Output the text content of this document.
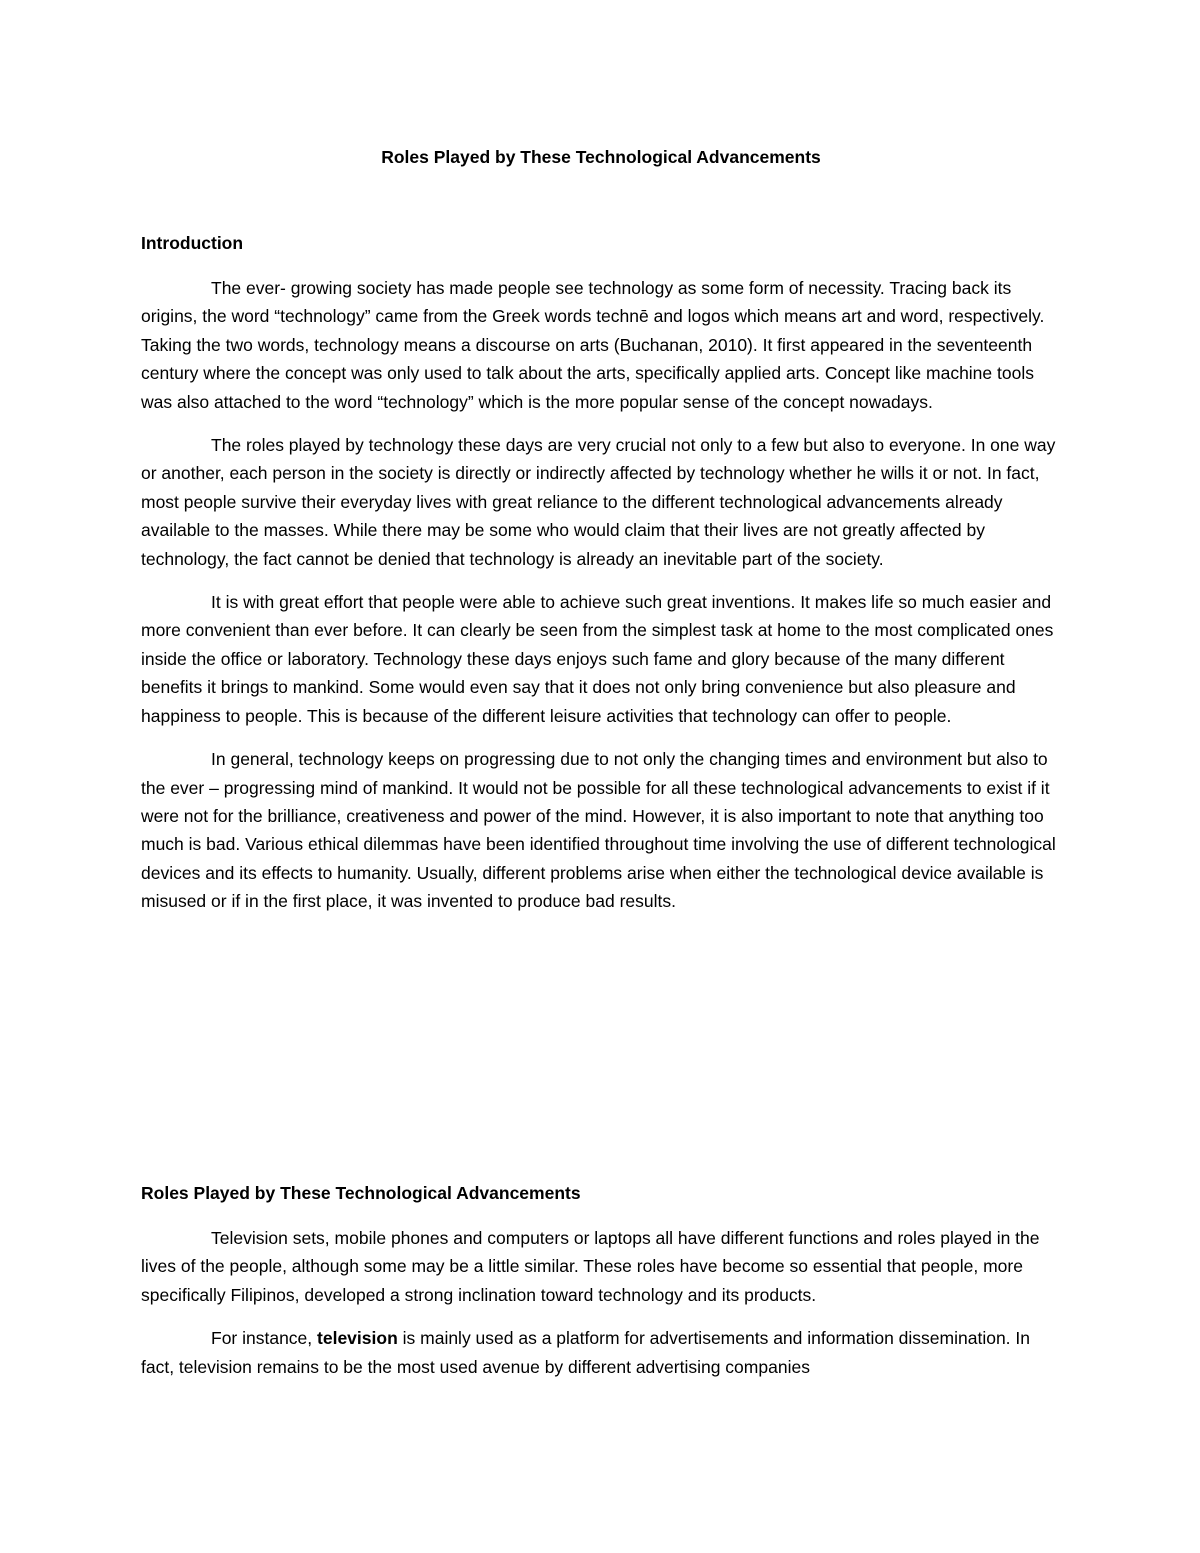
Roles Played by These Technological Advancements
Introduction

The ever- growing society has made people see technology as some form of necessity. Tracing back its origins, the word “technology” came from the Greek words technē and logos which means art and word, respectively. Taking the two words, technology means a discourse on arts (Buchanan, 2010). It first appeared in the seventeenth century where the concept was only used to talk about the arts, specifically applied arts. Concept like machine tools was also attached to the word “technology” which is the more popular sense of the concept nowadays.

The roles played by technology these days are very crucial not only to a few but also to everyone. In one way or another, each person in the society is directly or indirectly affected by technology whether he wills it or not. In fact, most people survive their everyday lives with great reliance to the different technological advancements already available to the masses. While there may be some who would claim that their lives are not greatly affected by technology, the fact cannot be denied that technology is already an inevitable part of the society.

It is with great effort that people were able to achieve such great inventions. It makes life so much easier and more convenient than ever before. It can clearly be seen from the simplest task at home to the most complicated ones inside the office or laboratory. Technology these days enjoys such fame and glory because of the many different benefits it brings to mankind. Some would even say that it does not only bring convenience but also pleasure and happiness to people. This is because of the different leisure activities that technology can offer to people.

In general, technology keeps on progressing due to not only the changing times and environment but also to the ever – progressing mind of mankind. It would not be possible for all these technological advancements to exist if it were not for the brilliance, creativeness and power of the mind. However, it is also important to note that anything too much is bad. Various ethical dilemmas have been identified throughout time involving the use of different technological devices and its effects to humanity. Usually, different problems arise when either the technological device available is misused or if in the first place, it was invented to produce bad results.

Roles Played by These Technological Advancements

Television sets, mobile phones and computers or laptops all have different functions and roles played in the lives of the people, although some may be a little similar. These roles have become so essential that people, more specifically Filipinos, developed a strong inclination toward technology and its products.

For instance, television is mainly used as a platform for advertisements and information dissemination. In fact, television remains to be the most used avenue by different advertising companies
